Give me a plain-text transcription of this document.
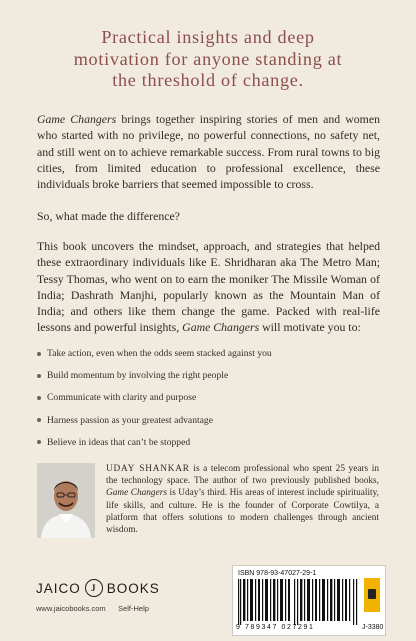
Practical insights and deep motivation for anyone standing at the threshold of change.
Game Changers brings together inspiring stories of men and women who started with no privilege, no powerful connections, no safety net, and still went on to achieve remarkable success. From rural towns to big cities, from limited education to professional excellence, these individuals broke barriers that seemed impossible to cross.
So, what made the difference?
This book uncovers the mindset, approach, and strategies that helped these extraordinary individuals like E. Shridharan aka The Metro Man; Tessy Thomas, who went on to earn the moniker The Missile Woman of India; Dashrath Manjhi, popularly known as the Mountain Man of India; and others like them change the game. Packed with real-life lessons and powerful insights, Game Changers will motivate you to:
Take action, even when the odds seem stacked against you
Build momentum by involving the right people
Communicate with clarity and purpose
Harness passion as your greatest advantage
Believe in ideas that can’t be stopped
UDAY SHANKAR is a telecom professional who spent 25 years in the technology space. The author of two previously published books, Game Changers is Uday’s third. His areas of interest include spirituality, life skills, and culture. He is the founder of Corporate Cowtilya, a platform that offers solutions to modern challenges through ancient wisdom.
JAICO
J BOOKS
www.jaicobooks.com Self-Help
ISBN 978-93-47027-29-1
9 789347 027291	J-3380
